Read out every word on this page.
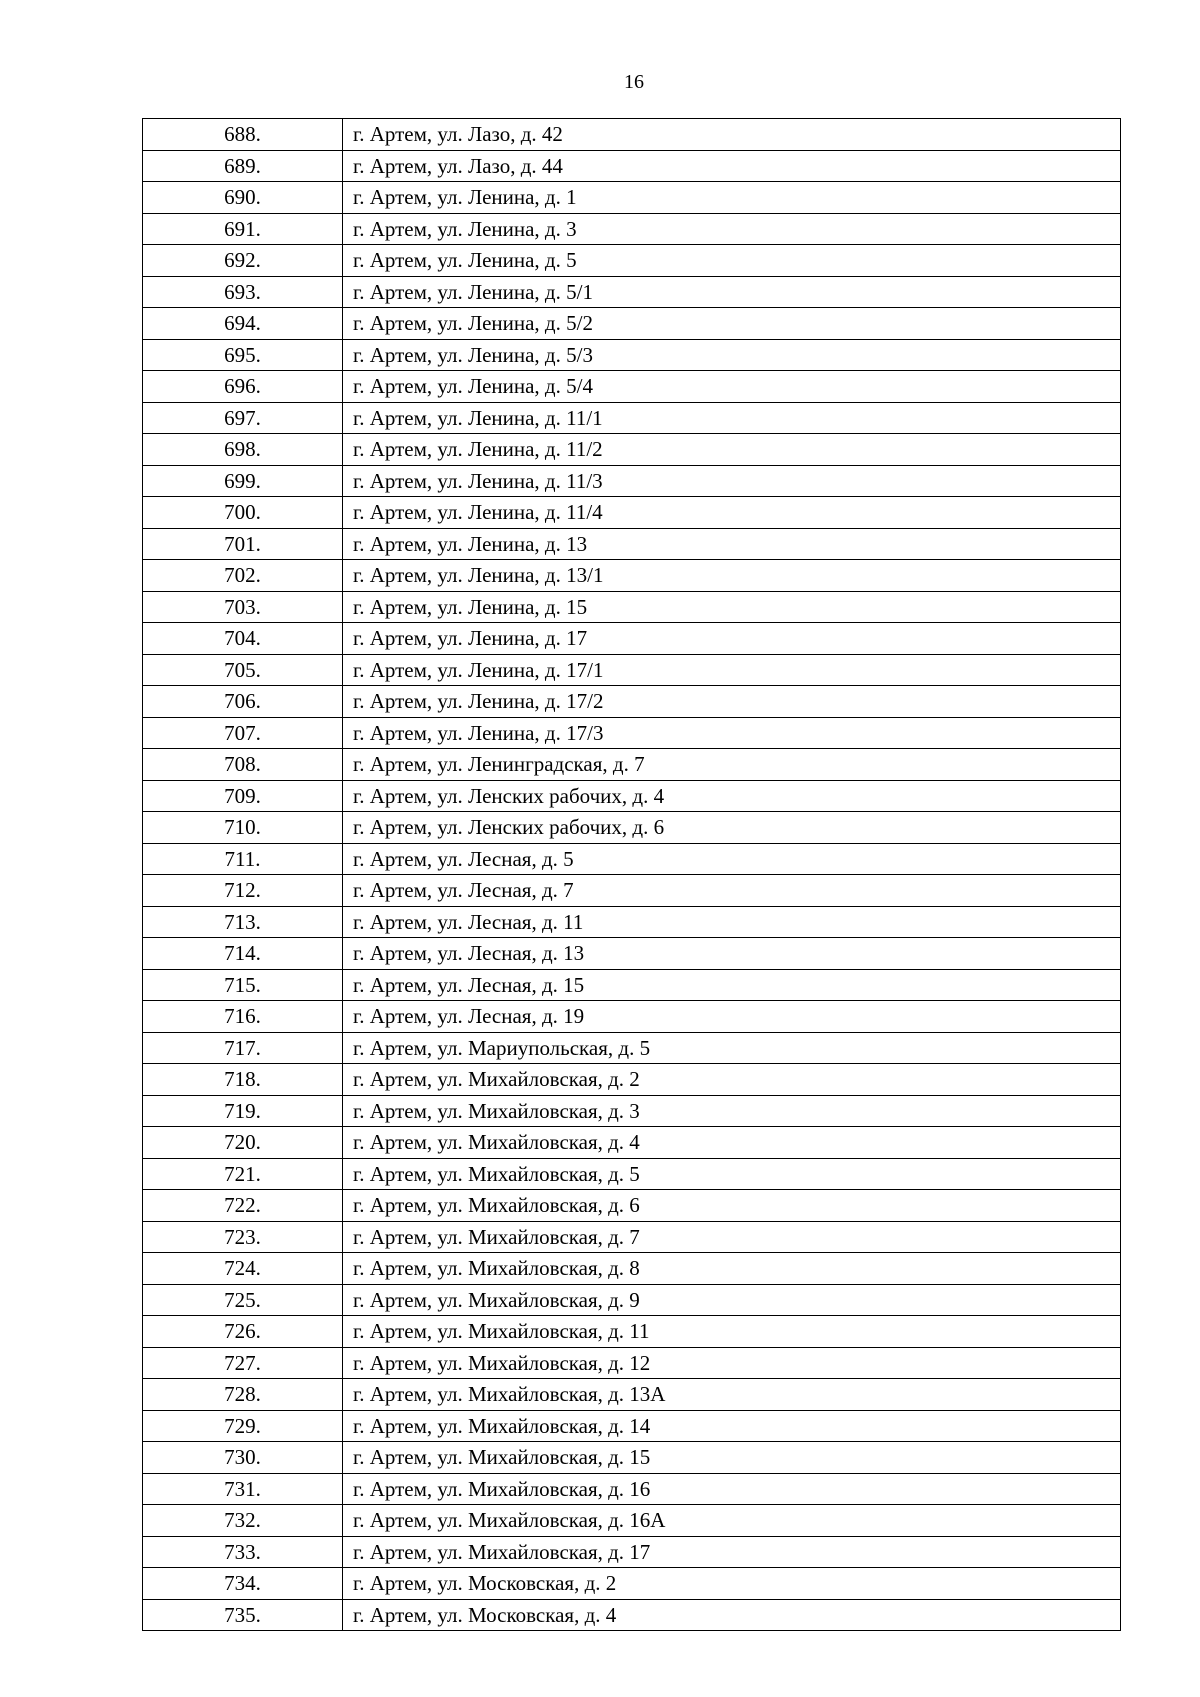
16
688.	г. Артем, ул. Лазо, д. 42
689.	г. Артем, ул. Лазо, д. 44
690.	г. Артем, ул. Ленина, д. 1
691.	г. Артем, ул. Ленина, д. 3
692.	г. Артем, ул. Ленина, д. 5
693.	г. Артем, ул. Ленина, д. 5/1
694.	г. Артем, ул. Ленина, д. 5/2
695.	г. Артем, ул. Ленина, д. 5/3
696.	г. Артем, ул. Ленина, д. 5/4
697.	г. Артем, ул. Ленина, д. 11/1
698.	г. Артем, ул. Ленина, д. 11/2
699.	г. Артем, ул. Ленина, д. 11/3
700.	г. Артем, ул. Ленина, д. 11/4
701.	г. Артем, ул. Ленина, д. 13
702.	г. Артем, ул. Ленина, д. 13/1
703.	г. Артем, ул. Ленина, д. 15
704.	г. Артем, ул. Ленина, д. 17
705.	г. Артем, ул. Ленина, д. 17/1
706.	г. Артем, ул. Ленина, д. 17/2
707.	г. Артем, ул. Ленина, д. 17/3
708.	г. Артем, ул. Ленинградская, д. 7
709.	г. Артем, ул. Ленских рабочих, д. 4
710.	г. Артем, ул. Ленских рабочих, д. 6
711.	г. Артем, ул. Лесная, д. 5
712.	г. Артем, ул. Лесная, д. 7
713.	г. Артем, ул. Лесная, д. 11
714.	г. Артем, ул. Лесная, д. 13
715.	г. Артем, ул. Лесная, д. 15
716.	г. Артем, ул. Лесная, д. 19
717.	г. Артем, ул. Мариупольская, д. 5
718.	г. Артем, ул. Михайловская, д. 2
719.	г. Артем, ул. Михайловская, д. 3
720.	г. Артем, ул. Михайловская, д. 4
721.	г. Артем, ул. Михайловская, д. 5
722.	г. Артем, ул. Михайловская, д. 6
723.	г. Артем, ул. Михайловская, д. 7
724.	г. Артем, ул. Михайловская, д. 8
725.	г. Артем, ул. Михайловская, д. 9
726.	г. Артем, ул. Михайловская, д. 11
727.	г. Артем, ул. Михайловская, д. 12
728.	г. Артем, ул. Михайловская, д. 13А
729.	г. Артем, ул. Михайловская, д. 14
730.	г. Артем, ул. Михайловская, д. 15
731.	г. Артем, ул. Михайловская, д. 16
732.	г. Артем, ул. Михайловская, д. 16А
733.	г. Артем, ул. Михайловская, д. 17
734.	г. Артем, ул. Московская, д. 2
735.	г. Артем, ул. Московская, д. 4
